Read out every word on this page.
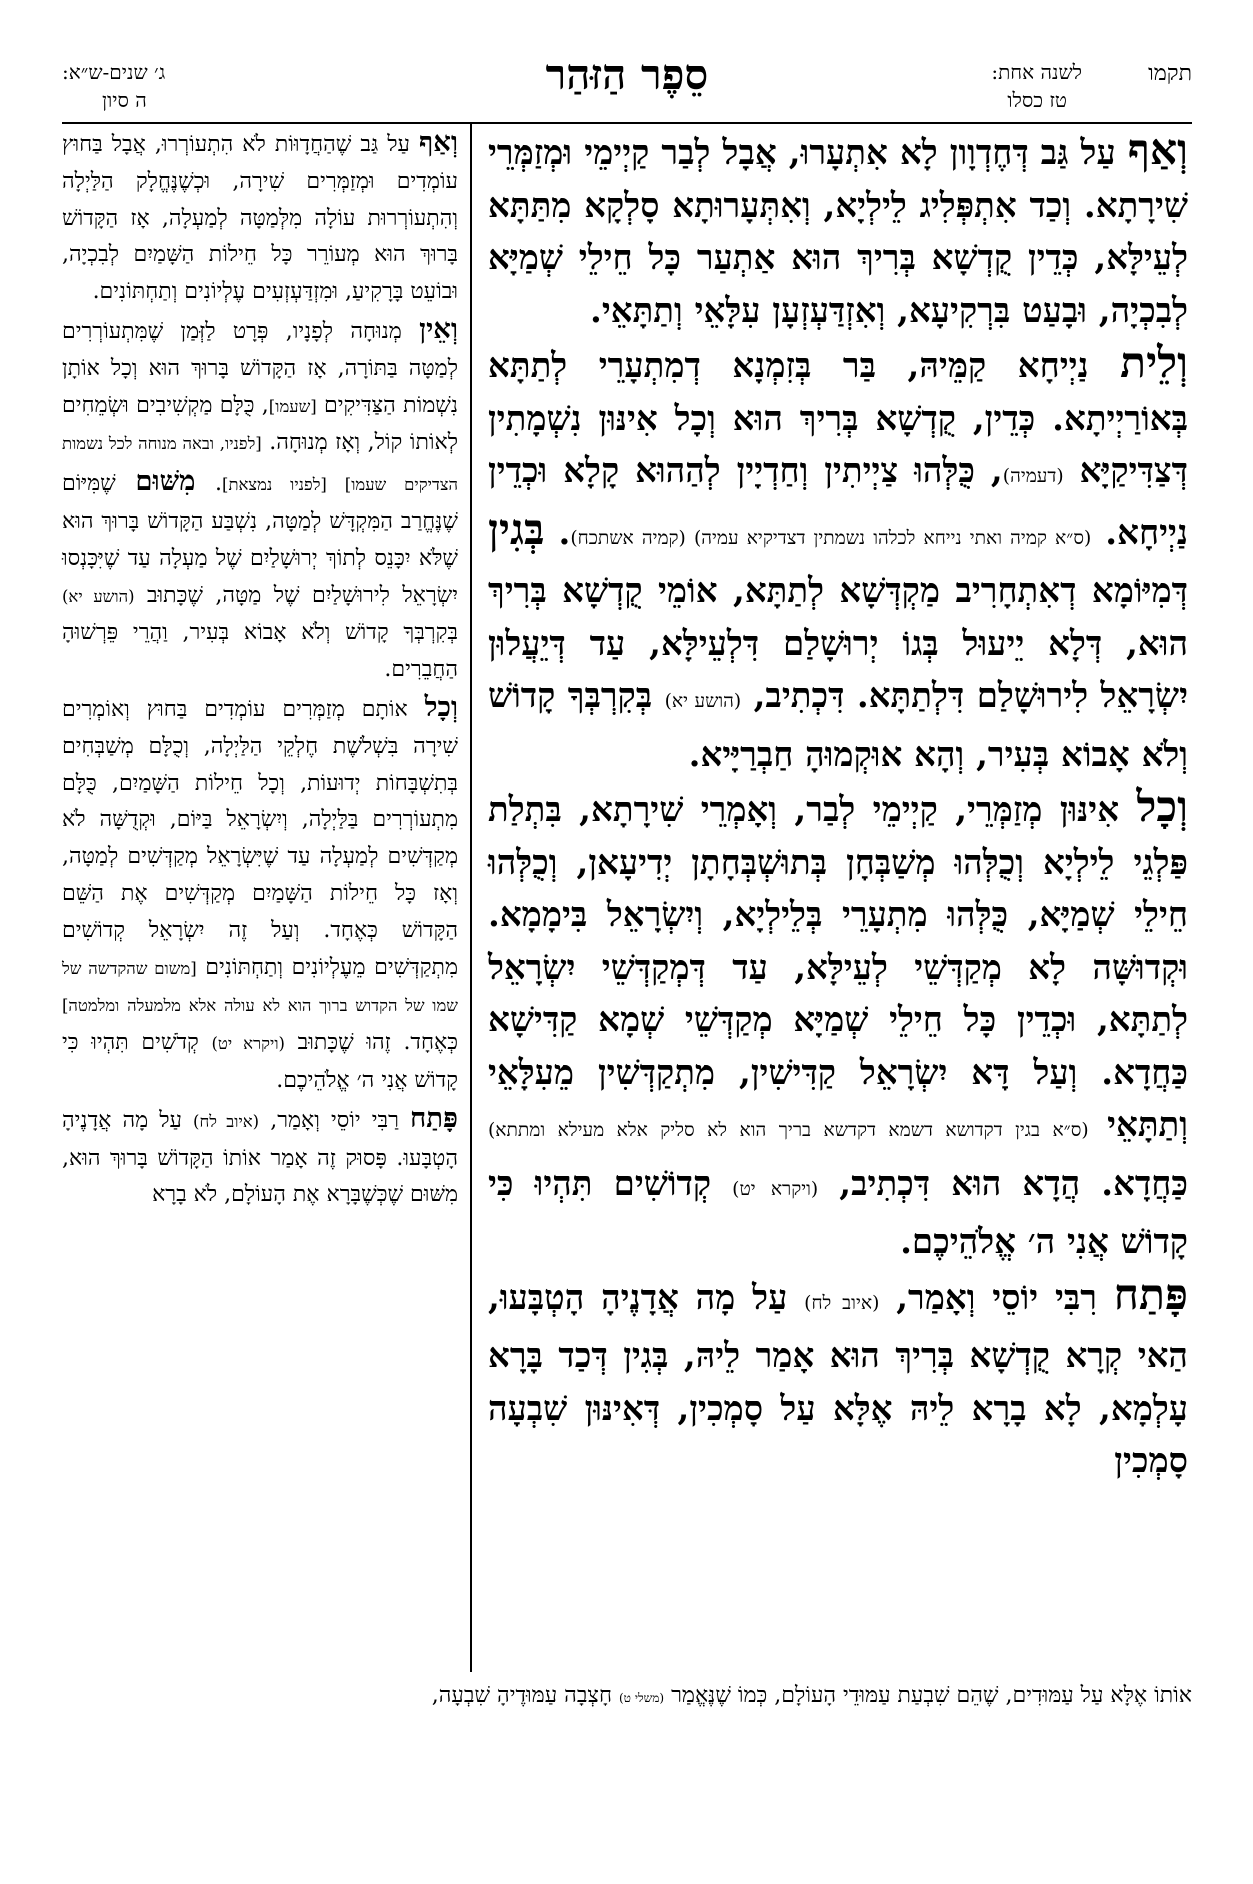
תקמו
לשנה אחת:
טז כסלו
סֵפֶר הַזּהַר
ג׳ שנים-ש״א:
ה סיון

וְאַף עַל גַּב דְּחֶדְוָון לָא אִתְעָרוּ, אֲבָל לְבַר קַיְימֵי וּמְזַמְּרֵי שִׁירָתָא. וְכַד אִתְפְּלִיג לֵילְיָא, וְאִתְּעָרוּתָא סָלְקָא מִתַּתָּא לְעֵילָּא, כְּדֵין קֻדְשָׁא בְּרִיךְ הוּא אַתְעַר כָּל חֵילֵי שְׁמַיָּא לְבִכְיָה, וּבָעַט בִּרְקִיעָא, וְאִזְדַּעְזְעָן עִלָּאֵי וְתַתָּאֵי.

וְלֵית נַיְיחָא קַמֵּיהּ, בַּר בְּזִמְנָא דְמִתְעָרֵי לְתַתָּא בְּאוֹרַיְיתָא. כְּדֵין, קֻדְשָׁא בְּרִיךְ הוּא וְכָל אִינּוּן נִשְׁמָתִין דְּצַדִּיקַיָּא (דעמיה), כֻּלְּהוּ צַיְיתִין וְחַדְיָין לְהַהוּא קָלָא וּכְדֵין נַיְיחָא. (ס״א קמיה ואתי נייחא לכלהו נשמתין דצדיקיא עמיה) (קמיה אשתכח). בְּגִין דְּמִיּוֹמָא דְאִתְחָרִיב מַקְדְּשָׁא לְתַתָּא, אוֹמֵי קֻדְשָׁא בְּרִיךְ הוּא, דְּלָא יֵיעוּל בְּגוֹ יְרוּשָׁלַם דִּלְעֵילָּא, עַד דְּיֵעֲלוּן יִשְׂרָאֵל לִירוּשָׁלַם דִּלְתַתָּא. דִּכְתִיב, (הושע יא) בְּקִרְבְּךָ קָדוֹשׁ וְלֹא אָבוֹא בְּעִיר, וְהָא אוּקְמוּהָ חַבְרַיָּיא.

וְכָל אִינּוּן מְזַמְּרֵי, קַיְימֵי לְבַר, וְאָמְרֵי שִׁירָתָא, בִּתְלַת פַּלְגֵי לֵילְיָא וְכֻלְּהוּ מְשַׁבְּחָן בְּתוּשְׁבְּחָתָן יְדִיעָאן, וְכֻלְּהוּ חֵילֵי שְׁמַיָּא, כֻּלְּהוּ מִתְעָרֵי בְּלֵילְיָא, וְיִשְׂרָאֵל בִּימָמָא. וּקְדוּשָּׁה לָא מְקַדְּשֵׁי לְעֵילָּא, עַד דְּמְקַדְּשֵׁי יִשְׂרָאֵל לְתַתָּא, וּכְדֵין כָּל חֵילֵי שְׁמַיָּא מְקַדְּשֵׁי שְׁמָא קַדִּישָׁא כַּחֲדָא. וְעַל דָּא יִשְׂרָאֵל קַדִּישִׁין, מִתְקַדְּשִׁין מֵעִלָּאֵי וְתַתָּאֵי (ס״א בגין דקדושא דשמא דקדשא בריך הוא לא סליק אלא מעילא ומתתא) כַּחֲדָא. הֲדָא הוּא דִּכְתִיב, (ויקרא יט) קְדוֹשִׁים תִּהְיוּ כִּי קָדוֹשׁ אֲנִי ה׳ אֱלֹהֵיכֶם.

פָּתַח רִבִּי יוֹסֵי וְאָמַר, (איוב לח) עַל מָה אֲדָנֶיהָ הָטְבָּעוּ, הַאי קְרָא קֻדְשָׁא בְּרִיךְ הוּא אָמַר לֵיהּ, בְּגִין דְּכַד בָּרָא עָלְמָא, לָא בָרָא לֵיהּ אֶלָּא עַל סָמְכִין, דְּאִינּוּן שִׁבְעָה סָמְכִין

וְאַף עַל גַּב שֶׁהַחֲדָוּוֹת לֹא הִתְעוֹרְרוּ, אֲבָל בַּחוּץ עוֹמְדִים וּמְזַמְּרִים שִׁירָה, וּכְשֶׁנֶּחֱלָק הַלַּיְלָה וְהִתְעוֹרְרוּת עוֹלָה מִלְּמַטָּה לְמַעְלָה, אָז הַקָּדוֹשׁ בָּרוּךְ הוּא מְעוֹרֵר כָּל חֵילוֹת הַשָּׁמַיִם לְבִכְיָה, וּבוֹעֵט בָּרָקִיעַ, וּמִזְדַּעְזְעִים עֶלְיוֹנִים וְתַחְתּוֹנִים.

וְאֵין מְנוּחָה לְפָנָיו, פְּרָט לַזְּמַן שֶׁמִּתְעוֹרְרִים לְמַטָּה בַּתּוֹרָה, אָז הַקָּדוֹשׁ בָּרוּךְ הוּא וְכָל אוֹתָן נִשְׁמוֹת הַצַּדִּיקִים [שעמו], כֻּלָּם מַקְשִׁיבִים וּשְׂמֵחִים לְאוֹתוֹ קוֹל, וְאָז מְנוּחָה. [לפניו, ובאה מנוחה לכל נשמות הצדיקים שעמו] [לפניו נמצאת]. מִשּׁוּם שֶׁמִּיּוֹם שֶׁנֶּחֱרַב הַמִּקְדָּשׁ לְמַטָּה, נִשְׁבַּע הַקָּדוֹשׁ בָּרוּךְ הוּא שֶׁלֹּא יִכָּנֵס לְתוֹךְ יְרוּשָׁלַיִם שֶׁל מַעְלָה עַד שֶׁיִּכָּנְסוּ יִשְׂרָאֵל לִירוּשָׁלַיִם שֶׁל מַטָּה, שֶׁכָּתוּב (הושע יא) בְּקִרְבְּךָ קָדוֹשׁ וְלֹא אָבוֹא בְּעִיר, וַהֲרֵי פֵּרְשׁוּהָ הַחֲבֵרִים.

וְכָל אוֹתָם מְזַמְּרִים עוֹמְדִים בַּחוּץ וְאוֹמְרִים שִׁירָה בִּשְׁלֹשֶׁת חֶלְקֵי הַלַּיְלָה, וְכֻלָּם מְשַׁבְּחִים בְּתִשְׁבָּחוֹת יְדוּעוֹת, וְכָל חֵילוֹת הַשָּׁמַיִם, כֻּלָּם מִתְעוֹרְרִים בַּלַּיְלָה, וְיִשְׂרָאֵל בַּיּוֹם, וּקְדֻשָּׁה לֹא מְקַדְּשִׁים לְמַעְלָה עַד שֶׁיִּשְׂרָאֵל מְקַדְּשִׁים לְמַטָּה, וְאָז כָּל חֵילוֹת הַשָּׁמַיִם מְקַדְּשִׁים אֶת הַשֵּׁם הַקָּדוֹשׁ כְּאֶחָד. וְעַל זֶה יִשְׂרָאֵל קְדוֹשִׁים מִתְקַדְּשִׁים מֵעֶלְיוֹנִים וְתַחְתּוֹנִים [משום שהקדשה של שמו של הקדוש ברוך הוא לא עולה אלא מלמעלה ומלמטה] כְּאֶחָד. זֶהוּ שֶׁכָּתוּב (ויקרא יט) קְדֹשִׁים תִּהְיוּ כִּי קָדוֹשׁ אֲנִי ה׳ אֱלֹהֵיכֶם.

פָּתַח רַבִּי יוֹסֵי וְאָמַר, (איוב לח) עַל מָה אֲדָנֶיהָ הָטְבָּעוּ. פָּסוּק זֶה אָמַר אוֹתוֹ הַקָּדוֹשׁ בָּרוּךְ הוּא, מִשּׁוּם שֶׁכְּשֶׁבָּרָא אֶת הָעוֹלָם, לֹא בָרָא

אוֹתוֹ אֶלָּא עַל עַמּוּדִים, שֶׁהֵם שִׁבְעַת עַמּוּדֵי הָעוֹלָם, כְּמוֹ שֶׁנֶּאֱמַר (משלי ט) חָצְבָה עַמּוּדֶיהָ שִׁבְעָה,
